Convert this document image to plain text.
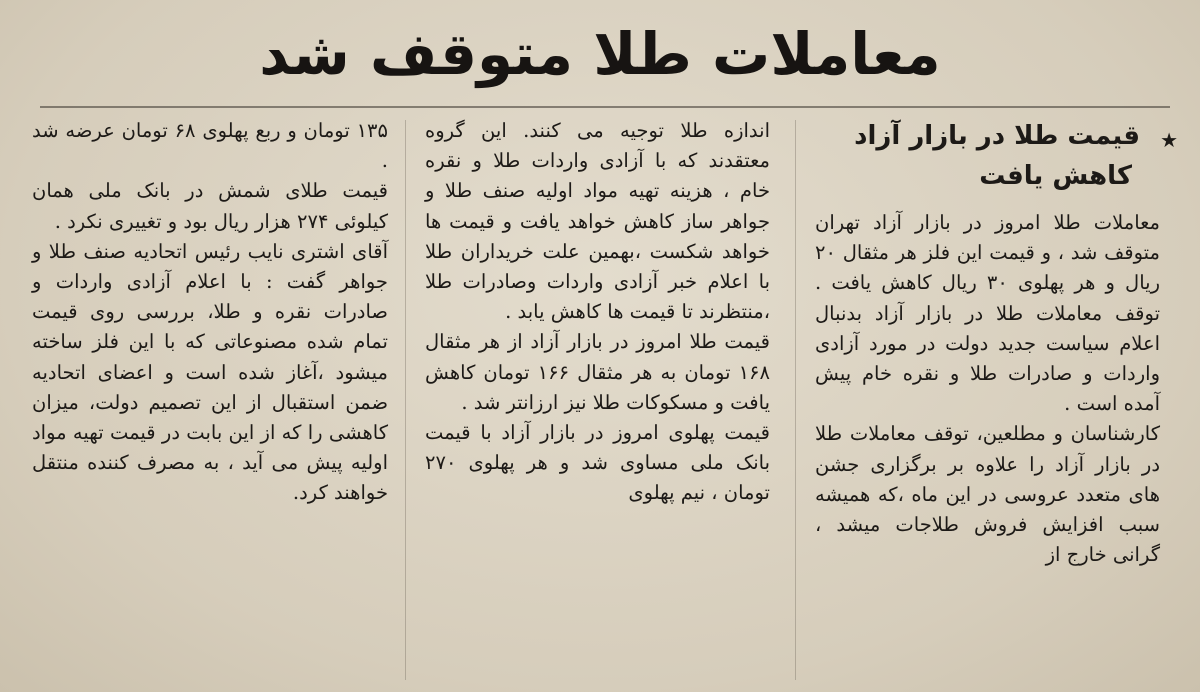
معاملات طلا متوقف شد
★
قیمت طلا در بازار آزاد
کاهش یافت

معاملات طلا امروز در بازار آزاد تهران متوقف شد ، و قیمت این فلز هر مثقال ۲۰ ریال و هر پهلوی ۳۰ ریال کاهش یافت . توقف معاملات طلا در بازار آزاد بدنبال اعلام سیاست جدید دولت در مورد آزادی واردات و صادرات طلا و نقره خام پیش آمده است .

کارشناسان و مطلعین، توقف معاملات طلا در بازار آزاد را علاوه بر برگزاری جشن های متعدد عروسی در این ماه ،که همیشه سبب افزایش فروش طلاجات میشد ، گرانی خارج از

اندازه طلا توجیه می کنند. این گروه معتقدند که با آزادی واردات طلا و نقره خام ، هزینه تهیه مواد اولیه صنف طلا و جواهر ساز کاهش خواهد یافت و قیمت ها خواهد شکست ،بهمین علت خریداران طلا با اعلام خبر آزادی واردات وصادرات طلا ،منتظرند تا قیمت ها کاهش یابد .

قیمت طلا امروز در بازار آزاد از هر مثقال ۱۶۸ تومان به هر مثقال ۱۶۶ تومان کاهش یافت و مسکوکات طلا نیز ارزانتر شد .

قیمت پهلوی امروز در بازار آزاد با قیمت بانک ملی مساوی شد و هر پهلوی ۲۷۰ تومان ، نیم پهلوی

۱۳۵ تومان و ربع پهلوی ۶۸ تومان عرضه شد .

قیمت طلای شمش در بانک ملی همان کیلوئی ۲۷۴ هزار ریال بود و تغییری نکرد .

آقای اشتری نایب رئیس اتحادیه صنف طلا و جواهر گفت : با اعلام آزادی واردات و صادرات نقره و طلا، بررسی روی قیمت تمام شده مصنوعاتی که با این فلز ساخته میشود ،آغاز شده است و اعضای اتحادیه ضمن استقبال از این تصمیم دولت، میزان کاهشی را که از این بابت در قیمت تهیه مواد اولیه پیش می آید ، به مصرف کننده منتقل خواهند کرد.
